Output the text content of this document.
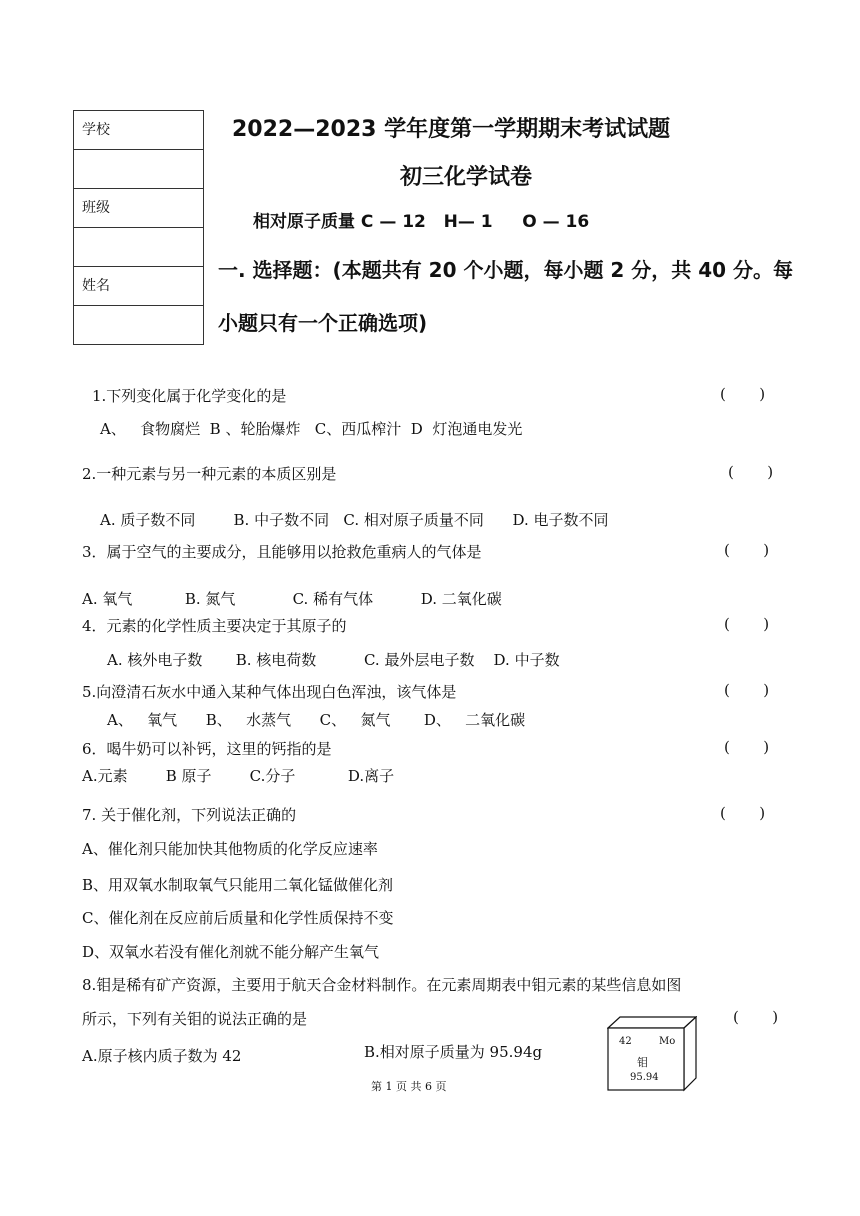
学校

班级

姓名

2022—2023 学年度第一学期期末考试试题
初三化学试卷
相对原子质量 C — 12   H— 1     O — 16
一. 选择题：(本题共有 20 个小题，每小题 2 分，共 40 分。每
小题只有一个正确选项)
1.下列变化属于化学变化的是	(       )
A、   食物腐烂  B 、轮胎爆炸   C、西瓜榨汁  D  灯泡通电发光
2.一种元素与另一种元素的本质区别是	(       )
A. 质子数不同        B. 中子数不同   C. 相对原子质量不同      D. 电子数不同
3．属于空气的主要成分，且能够用以抢救危重病人的气体是	(       )
A. 氧气           B. 氮气            C. 稀有气体          D. 二氧化碳
4．元素的化学性质主要决定于其原子的	(       )
A. 核外电子数       B. 核电荷数          C. 最外层电子数    D. 中子数
5.向澄清石灰水中通入某种气体出现白色浑浊，该气体是	(       )
A、   氧气      B、   水蒸气      C、   氮气       D、   二氧化碳
6．喝牛奶可以补钙，这里的钙指的是	(       )
A.元素        B 原子        C.分子           D.离子
7. 关于催化剂，下列说法正确的	(       )
A、催化剂只能加快其他物质的化学反应速率
B、用双氧水制取氧气只能用二氧化锰做催化剂
C、催化剂在反应前后质量和化学性质保持不变
D、双氧水若没有催化剂就不能分解产生氧气
8.钼是稀有矿产资源，主要用于航天合金材料制作。在元素周期表中钼元素的某些信息如图
所示，下列有关钼的说法正确的是	(       )
A.原子核内质子数为 42	B.相对原子质量为 95.94g
42	Mo
钼
95.94
第 1 页 共 6 页
